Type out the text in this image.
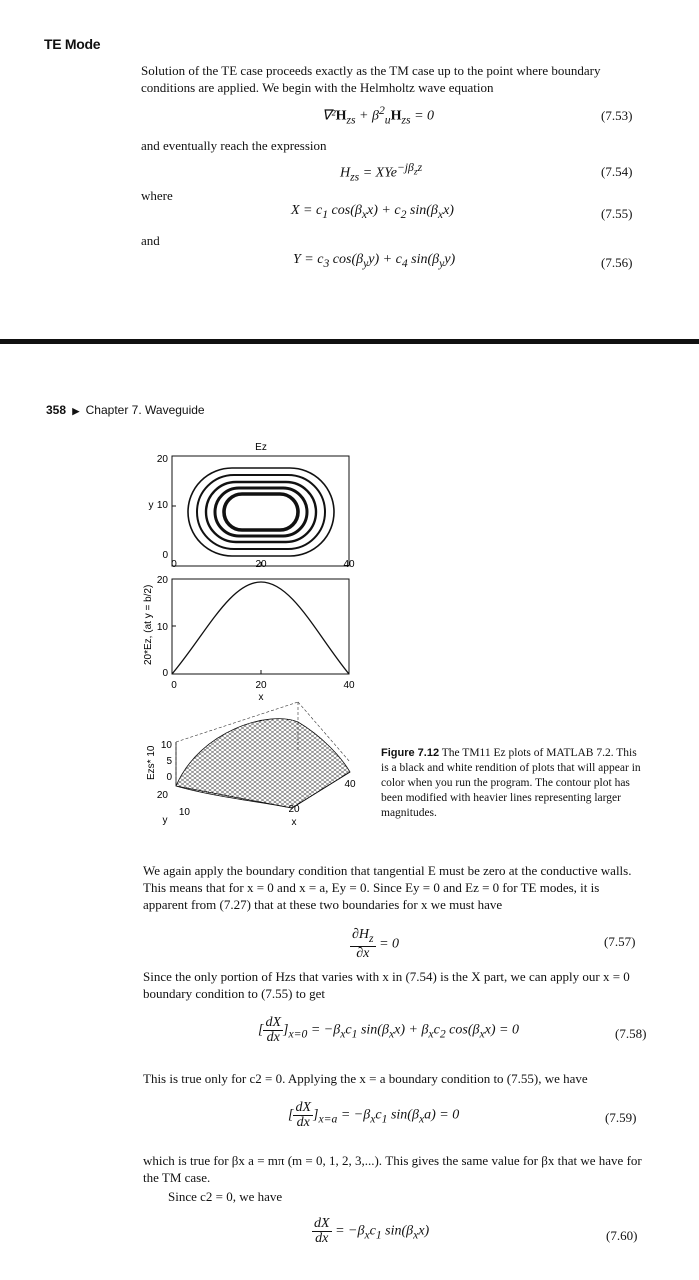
TE Mode
Solution of the TE case proceeds exactly as the TM case up to the point where boundary conditions are applied. We begin with the Helmholtz wave equation
$\nabla^2H_{zs} + \beta^2_uH_{zs} = 0$	(7.53)
and eventually reach the expression
$H_{zs} = XYe^{-j\beta_zz}$	(7.54)
where
$X = c_1$ $\cos(\beta_xx) + c_2$ $\sin(\beta_xx)$	(7.55)
and
$Y = c_3$ $\cos(\beta_yy) + c_4$ $\sin(\beta_yy)$	(7.56)
358 ▶ Chapter 7. Waveguide
Ez
20
10
0
y
0	20	40
20
10
0
0	20	40
x
20*Ez, (at y = b/2)
10
5
0
Ezs* 10
20
10
y
40
20
x
Figure 7.12 The TM11 Ez plots of MATLAB 7.2. This is a black and white rendition of plots that will appear in color when you run the program. The contour plot has been modified with heavier lines representing larger magnitudes.
We again apply the boundary condition that tangential E must be zero at the conductive walls. This means that for x = 0 and x = a, Ey = 0. Since Ey = 0 and Ez = 0 for TE modes, it is apparent from (7.27) that at these two boundaries for x we must have
$\frac{\partial H_z}{\partial x} = 0$	(7.57)
Since the only portion of Hzs that varies with x in (7.54) is the X part, we can apply our x = 0 boundary condition to (7.55) to get
[ $\frac{dX}{dx} ]_{x=0} = -\beta_xc_1$ $\sin(\beta_xx) + \beta_xc_2$ $\cos(\beta_xx) = 0$	(7.58)
This is true only for c2 = 0. Applying the x = a boundary condition to (7.55), we have
[ $\frac{dX}{dx} ]_{x=a} = -\beta_xc_1$ $\sin(\beta_xa) = 0$	(7.59)
which is true for βx a = mπ (m = 0, 1, 2, 3,...). This gives the same value for βx that we have for the TM case.
Since c2 = 0, we have
$\frac{dX}{dx} = -\beta_xc_1$ $\sin(\beta_xx)$	(7.60)
